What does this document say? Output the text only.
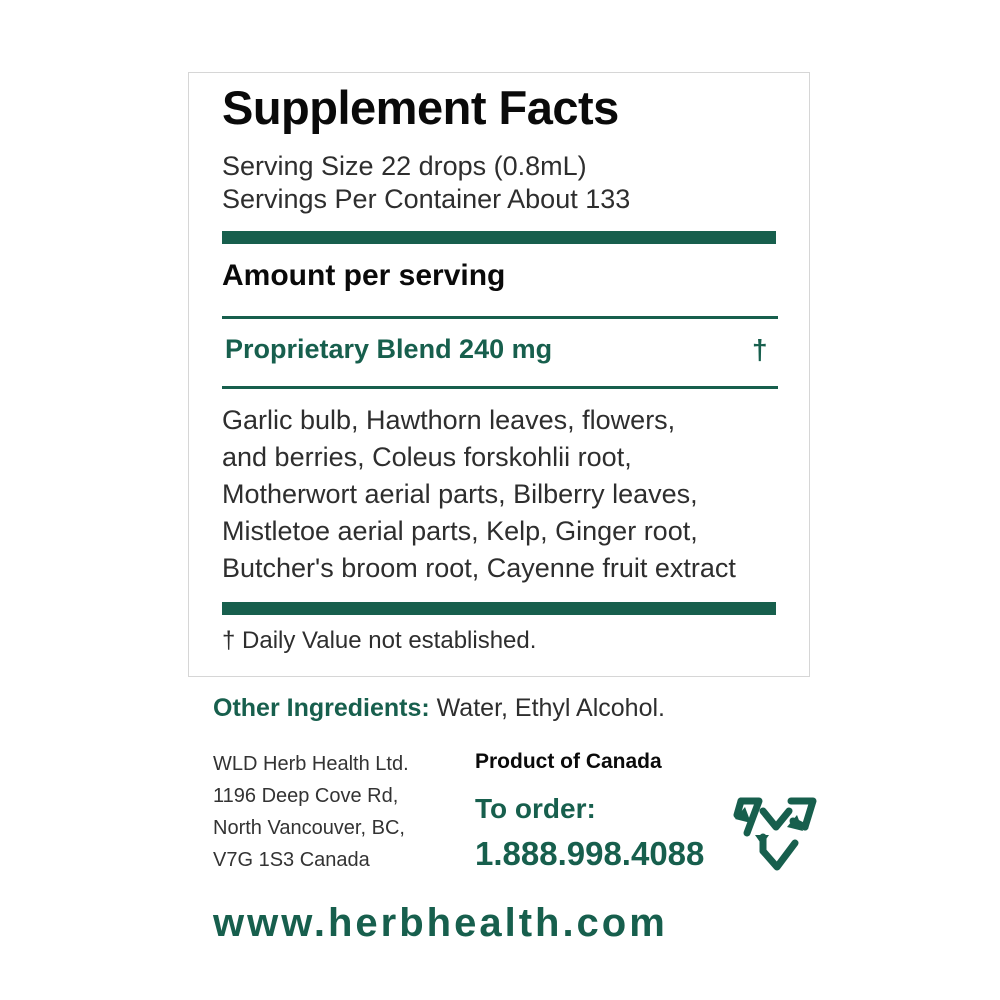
Supplement Facts
Serving Size 22 drops (0.8mL)
Servings Per Container About 133
Amount per serving
Proprietary Blend 240 mg	†
Garlic bulb, Hawthorn leaves, flowers,
and berries, Coleus forskohlii root,
Motherwort aerial parts, Bilberry leaves,
Mistletoe aerial parts, Kelp, Ginger root,
Butcher's broom root, Cayenne fruit extract
† Daily Value not established.
Other Ingredients: Water, Ethyl Alcohol.
WLD Herb Health Ltd.
1196 Deep Cove Rd,
North Vancouver, BC,
V7G 1S3 Canada
Product of Canada
To order:
1.888.998.4088
www.herbhealth.com
